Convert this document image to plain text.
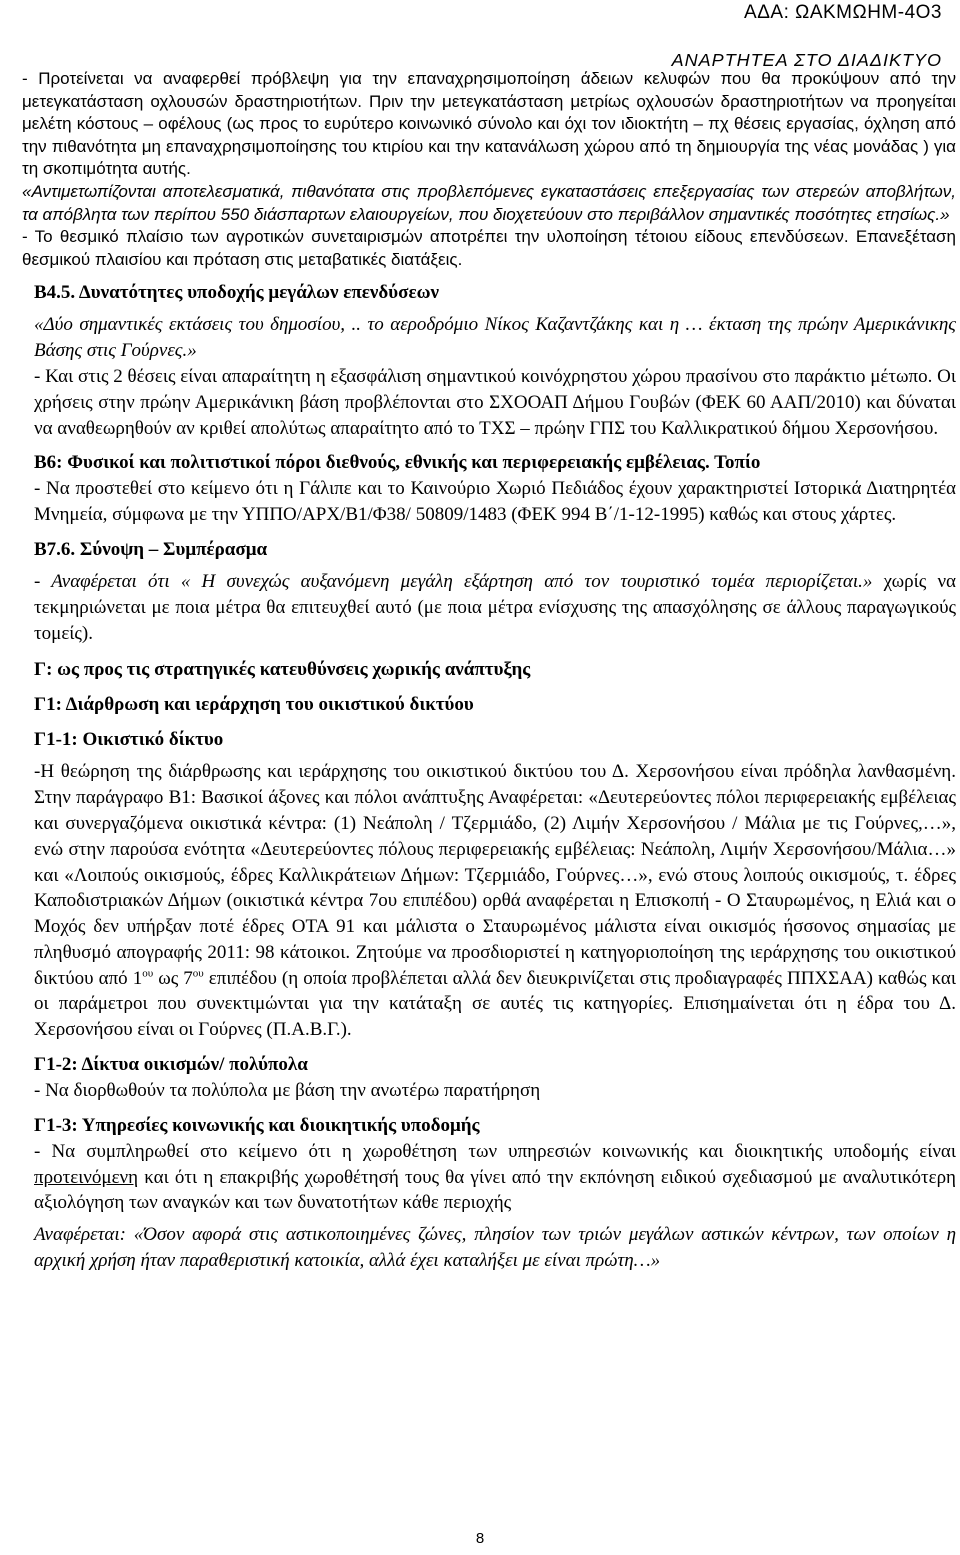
ΑΔΑ: ΩΑΚΜΩΗΜ-4Ο3
ΑΝΑΡΤΗΤΕΑ ΣΤΟ ΔΙΑΔΙΚΤΥΟ

- Προτείνεται να αναφερθεί πρόβλεψη για την επαναχρησιμοποίηση άδειων κελυφών που θα προκύψουν από την μετεγκατάσταση οχλουσών δραστηριοτήτων. Πριν την μετεγκατάσταση μετρίως οχλουσών δραστηριοτήτων να προηγείται μελέτη κόστους – οφέλους (ως προς το ευρύτερο κοινωνικό σύνολο και όχι τον ιδιοκτήτη – πχ θέσεις εργασίας, όχληση από την πιθανότητα μη επαναχρησιμοποίησης του κτιρίου και την κατανάλωση χώρου από τη δημιουργία της νέας μονάδας ) για τη σκοπιμότητα αυτής.

«Αντιμετωπίζονται αποτελεσματικά, πιθανότατα στις προβλεπόμενες εγκαταστάσεις επεξεργασίας των στερεών αποβλήτων, τα απόβλητα των περίπου 550 διάσπαρτων ελαιουργείων, που διοχετεύουν στο περιβάλλον σημαντικές ποσότητες ετησίως.»

- Το θεσμικό πλαίσιο των αγροτικών συνεταιρισμών αποτρέπει την υλοποίηση τέτοιου είδους επενδύσεων. Επανεξέταση θεσμικού πλαισίου και πρόταση στις μεταβατικές διατάξεις.

Β4.5. Δυνατότητες υποδοχής μεγάλων επενδύσεων

«Δύο σημαντικές εκτάσεις του δημοσίου, .. το αεροδρόμιο Νίκος Καζαντζάκης και η … έκταση της πρώην Αμερικάνικης Βάσης στις Γούρνες.»

- Και στις 2 θέσεις είναι απαραίτητη η εξασφάλιση σημαντικού κοινόχρηστου χώρου πρασίνου στο παράκτιο μέτωπο. Οι χρήσεις στην πρώην Αμερικάνικη βάση προβλέπονται στο ΣΧΟΟΑΠ Δήμου Γουβών (ΦΕΚ 60 ΑΑΠ/2010) και δύναται να αναθεωρηθούν αν κριθεί απολύτως απαραίτητο από το ΤΧΣ – πρώην ΓΠΣ του Καλλικρατικού δήμου Χερσονήσου.

Β6: Φυσικοί και πολιτιστικοί πόροι διεθνούς, εθνικής και περιφερειακής εμβέλειας. Τοπίο

- Να προστεθεί στο κείμενο ότι η Γάλιπε και το Καινούριο Χωριό Πεδιάδος έχουν χαρακτηριστεί Ιστορικά Διατηρητέα Μνημεία, σύμφωνα με την ΥΠΠΟ/ΑΡΧ/Β1/Φ38/ 50809/1483 (ΦΕΚ 994 Β΄/1-12-1995) καθώς και στους χάρτες.

Β7.6. Σύνοψη – Συμπέρασμα

- Αναφέρεται ότι « Η συνεχώς αυξανόμενη μεγάλη εξάρτηση από τον τουριστικό τομέα περιορίζεται.» χωρίς να τεκμηριώνεται με ποια μέτρα θα επιτευχθεί αυτό (με ποια μέτρα ενίσχυσης της απασχόλησης σε άλλους παραγωγικούς τομείς).

Γ: ως προς τις στρατηγικές κατευθύνσεις χωρικής ανάπτυξης
Γ1: Διάρθρωση και ιεράρχηση του οικιστικού δικτύου
Γ1-1: Οικιστικό δίκτυο

-Η θεώρηση της διάρθρωσης και ιεράρχησης του οικιστικού δικτύου του Δ. Χερσονήσου είναι πρόδηλα λανθασμένη. Στην παράγραφο Β1: Βασικοί άξονες και πόλοι ανάπτυξης Αναφέρεται: «Δευτερεύοντες πόλοι περιφερειακής εμβέλειας και συνεργαζόμενα οικιστικά κέντρα: (1) Νεάπολη / Τζερμιάδο, (2) Λιμήν Χερσονήσου / Μάλια με τις Γούρνες,…», ενώ στην παρούσα ενότητα «Δευτερεύοντες πόλους περιφερειακής εμβέλειας: Νεάπολη, Λιμήν Χερσονήσου/Μάλια…» και «Λοιπούς οικισμούς, έδρες Καλλικράτειων Δήμων: Τζερμιάδο, Γούρνες…», ενώ στους λοιπούς οικισμούς, τ. έδρες Καποδιστριακών Δήμων (οικιστικά κέντρα 7ου επιπέδου) ορθά αναφέρεται η Επισκοπή - Ο Σταυρωμένος, η Ελιά και ο Μοχός δεν υπήρξαν ποτέ έδρες ΟΤΑ 91 και μάλιστα ο Σταυρωμένος μάλιστα είναι οικισμός ήσσονος σημασίας με πληθυσμό απογραφής 2011: 98 κάτοικοι. Ζητούμε να προσδιοριστεί η κατηγοριοποίηση της ιεράρχησης του οικιστικού δικτύου από $1^{o\upsilon}$ ως $7^{o\upsilon}$ επιπέδου (η οποία προβλέπεται αλλά δεν διευκρινίζεται στις προδιαγραφές ΠΠΧΣΑΑ) καθώς και οι παράμετροι που συνεκτιμώνται για την κατάταξη σε αυτές τις κατηγορίες. Επισημαίνεται ότι η έδρα του Δ. Χερσονήσου είναι οι Γούρνες (Π.Α.Β.Γ.).

Γ1-2: Δίκτυα οικισμών/ πολύπολα

- Να διορθωθούν τα πολύπολα με βάση την ανωτέρω παρατήρηση

Γ1-3: Υπηρεσίες κοινωνικής και διοικητικής υποδομής

- Να συμπληρωθεί στο κείμενο ότι η χωροθέτηση των υπηρεσιών κοινωνικής και διοικητικής υποδομής είναι προτεινόμενη και ότι η επακριβής χωροθέτησή τους θα γίνει από την εκπόνηση ειδικού σχεδιασμού με αναλυτικότερη αξιολόγηση των αναγκών και των δυνατοτήτων κάθε περιοχής

Αναφέρεται: «Όσον αφορά στις αστικοποιημένες ζώνες, πλησίον των τριών μεγάλων αστικών κέντρων, των οποίων η αρχική χρήση ήταν παραθεριστική κατοικία, αλλά έχει καταλήξει με είναι πρώτη…»

8
